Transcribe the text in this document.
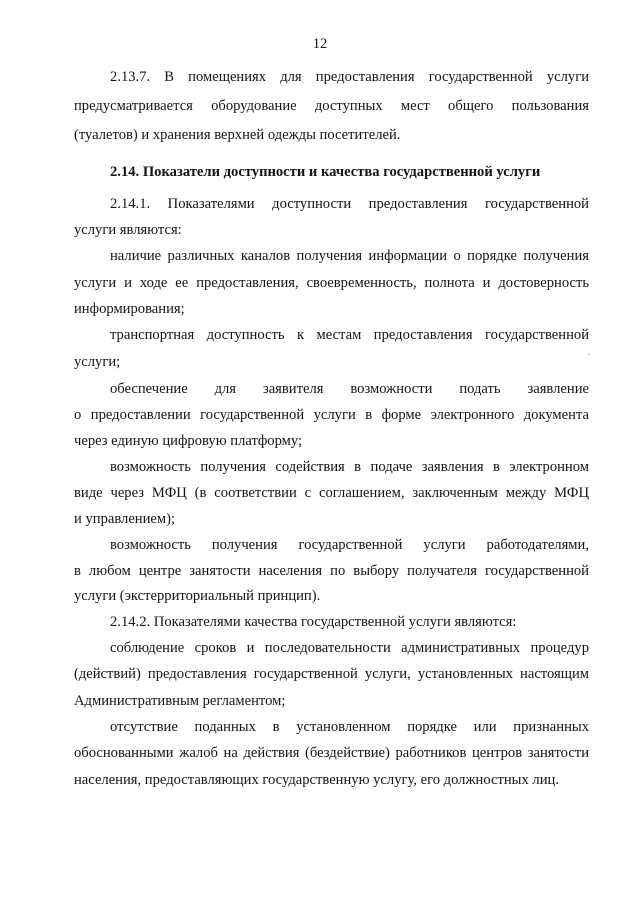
12
2.13.7. В помещениях для предоставления государственной услуги
предусматривается оборудование доступных мест общего пользования
(туалетов) и хранения верхней одежды посетителей.
2.14. Показатели доступности и качества государственной услуги
2.14.1. Показателями доступности предоставления государственной
услуги являются:
наличие различных каналов получения информации о порядке получения
услуги и ходе ее предоставления, своевременность, полнота и достоверность
информирования;
транспортная доступность к местам предоставления государственной
услуги;
обеспечение для заявителя возможности подать заявление
о предоставлении государственной услуги в форме электронного документа
через единую цифровую платформу;
возможность получения содействия в подаче заявления в электронном
виде через МФЦ (в соответствии с соглашением, заключенным между МФЦ
и управлением);
возможность получения государственной услуги работодателями,
в любом центре занятости населения по выбору получателя государственной
услуги (экстерриториальный принцип).
2.14.2. Показателями качества государственной услуги являются:
соблюдение сроков и последовательности административных процедур
(действий) предоставления государственной услуги, установленных настоящим
Административным регламентом;
отсутствие поданных в установленном порядке или признанных
обоснованными жалоб на действия (бездействие) работников центров занятости
населения, предоставляющих государственную услугу, его должностных лиц.
